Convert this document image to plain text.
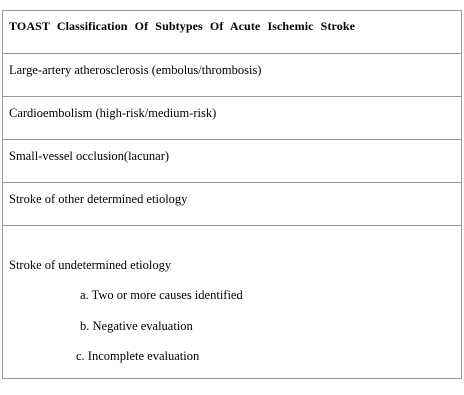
TOAST Classification Of Subtypes Of Acute Ischemic Stroke
Large-artery atherosclerosis (embolus/thrombosis)
Cardioembolism (high-risk/medium-risk)
Small-vessel occlusion(lacunar)
Stroke of other determined etiology
Stroke of undetermined etiology
a. Two or more causes identified
b. Negative evaluation
c. Incomplete evaluation
